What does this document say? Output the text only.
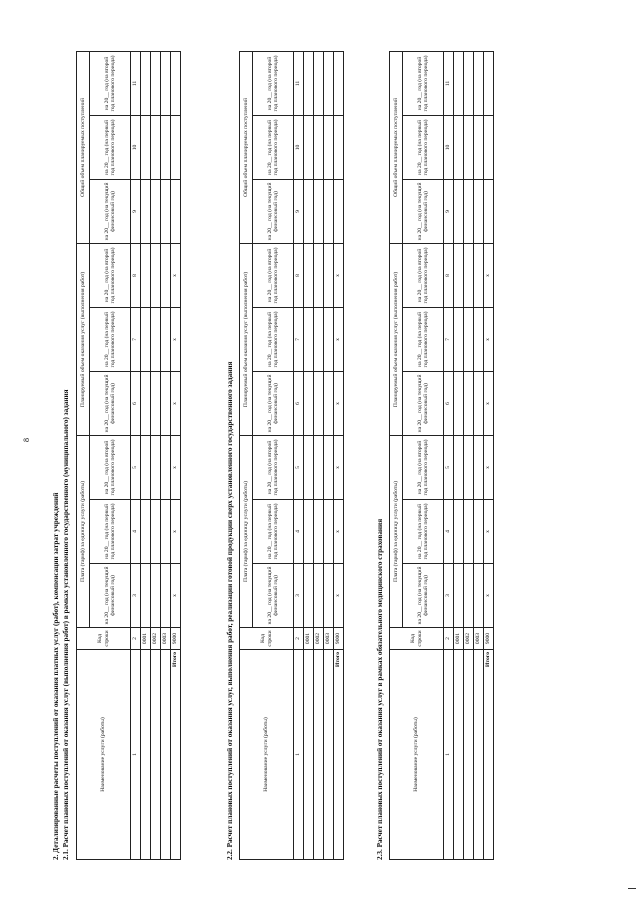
8
2. Детализированные расчеты поступлений от оказания платных услуг (работ), компенсации затрат учреждений 2.1. Расчет плановых поступлений от оказания услуг (выполнения работ) в рамках установленного государственного (муниципального) задания	2.2. Расчет плановых поступлений от оказания услуг, выполнения работ, реализации готовой продукции сверх установленного государственного задания	2.3. Расчет плановых поступлений от оказания услуг в рамках обязательного медицинского страхования
Наименование услуги (работы)	Код строки	Плата (тариф) за единицу услуги (работы)			Планируемый объем оказания услуг (выполнения работ)			Общий объем планируемых поступлений		
		на 20__ год (на текущий финансовый год)	на 20__ год (на первый год планового периода)	на 20__ год (на второй год планового периода)	на 20__ год (на текущий финансовый год)	на 20__ год (на первый год планового периода)	на 20__ год (на второй год планового периода)	на 20__ год (на текущий финансовый год)	на 20__ год (на первый год планового периода)	на 20__ год (на второй год планового периода)
1	2	3	4	5	6	7	8	9	10	11
	0001									
	0002									
	0003									
Итого	9000	x	x	x	x	x	x			
Наименование услуги (работы)	Код строки	Плата (тариф) за единицу услуги (работы)			Планируемый объем оказания услуг (выполнения работ)			Общий объем планируемых поступлений		
		на 20__ год (на текущий финансовый год)	на 20__ год (на первый год планового периода)	на 20__ год (на второй год планового периода)	на 20__ год (на текущий финансовый год)	на 20__ год (на первый год планового периода)	на 20__ год (на второй год планового периода)	на 20__ год (на текущий финансовый год)	на 20__ год (на первый год планового периода)	на 20__ год (на второй год планового периода)
1	2	3	4	5	6	7	8	9	10	11
	0001									
	0002									
	0003									
Итого	9000	x	x	x	x	x	x			
Наименование услуги (работы)	Код строки	Плата (тариф) за единицу услуги (работы)			Планируемый объем оказания услуг (выполнения работ)			Общий объем планируемых поступлений		
		на 20__ год (на текущий финансовый год)	на 20__ год (на первый год планового периода)	на 20__ год (на второй год планового периода)	на 20__ год (на текущий финансовый год)	на 20__ год (на первый год планового периода)	на 20__ год (на второй год планового периода)	на 20__ год (на текущий финансовый год)	на 20__ год (на первый год планового периода)	на 20__ год (на второй год планового периода)
1	2	3	4	5	6	7	8	9	10	11
	0001									
	0002									
	0003									
Итого	9000	x	x	x	x	x	x			
